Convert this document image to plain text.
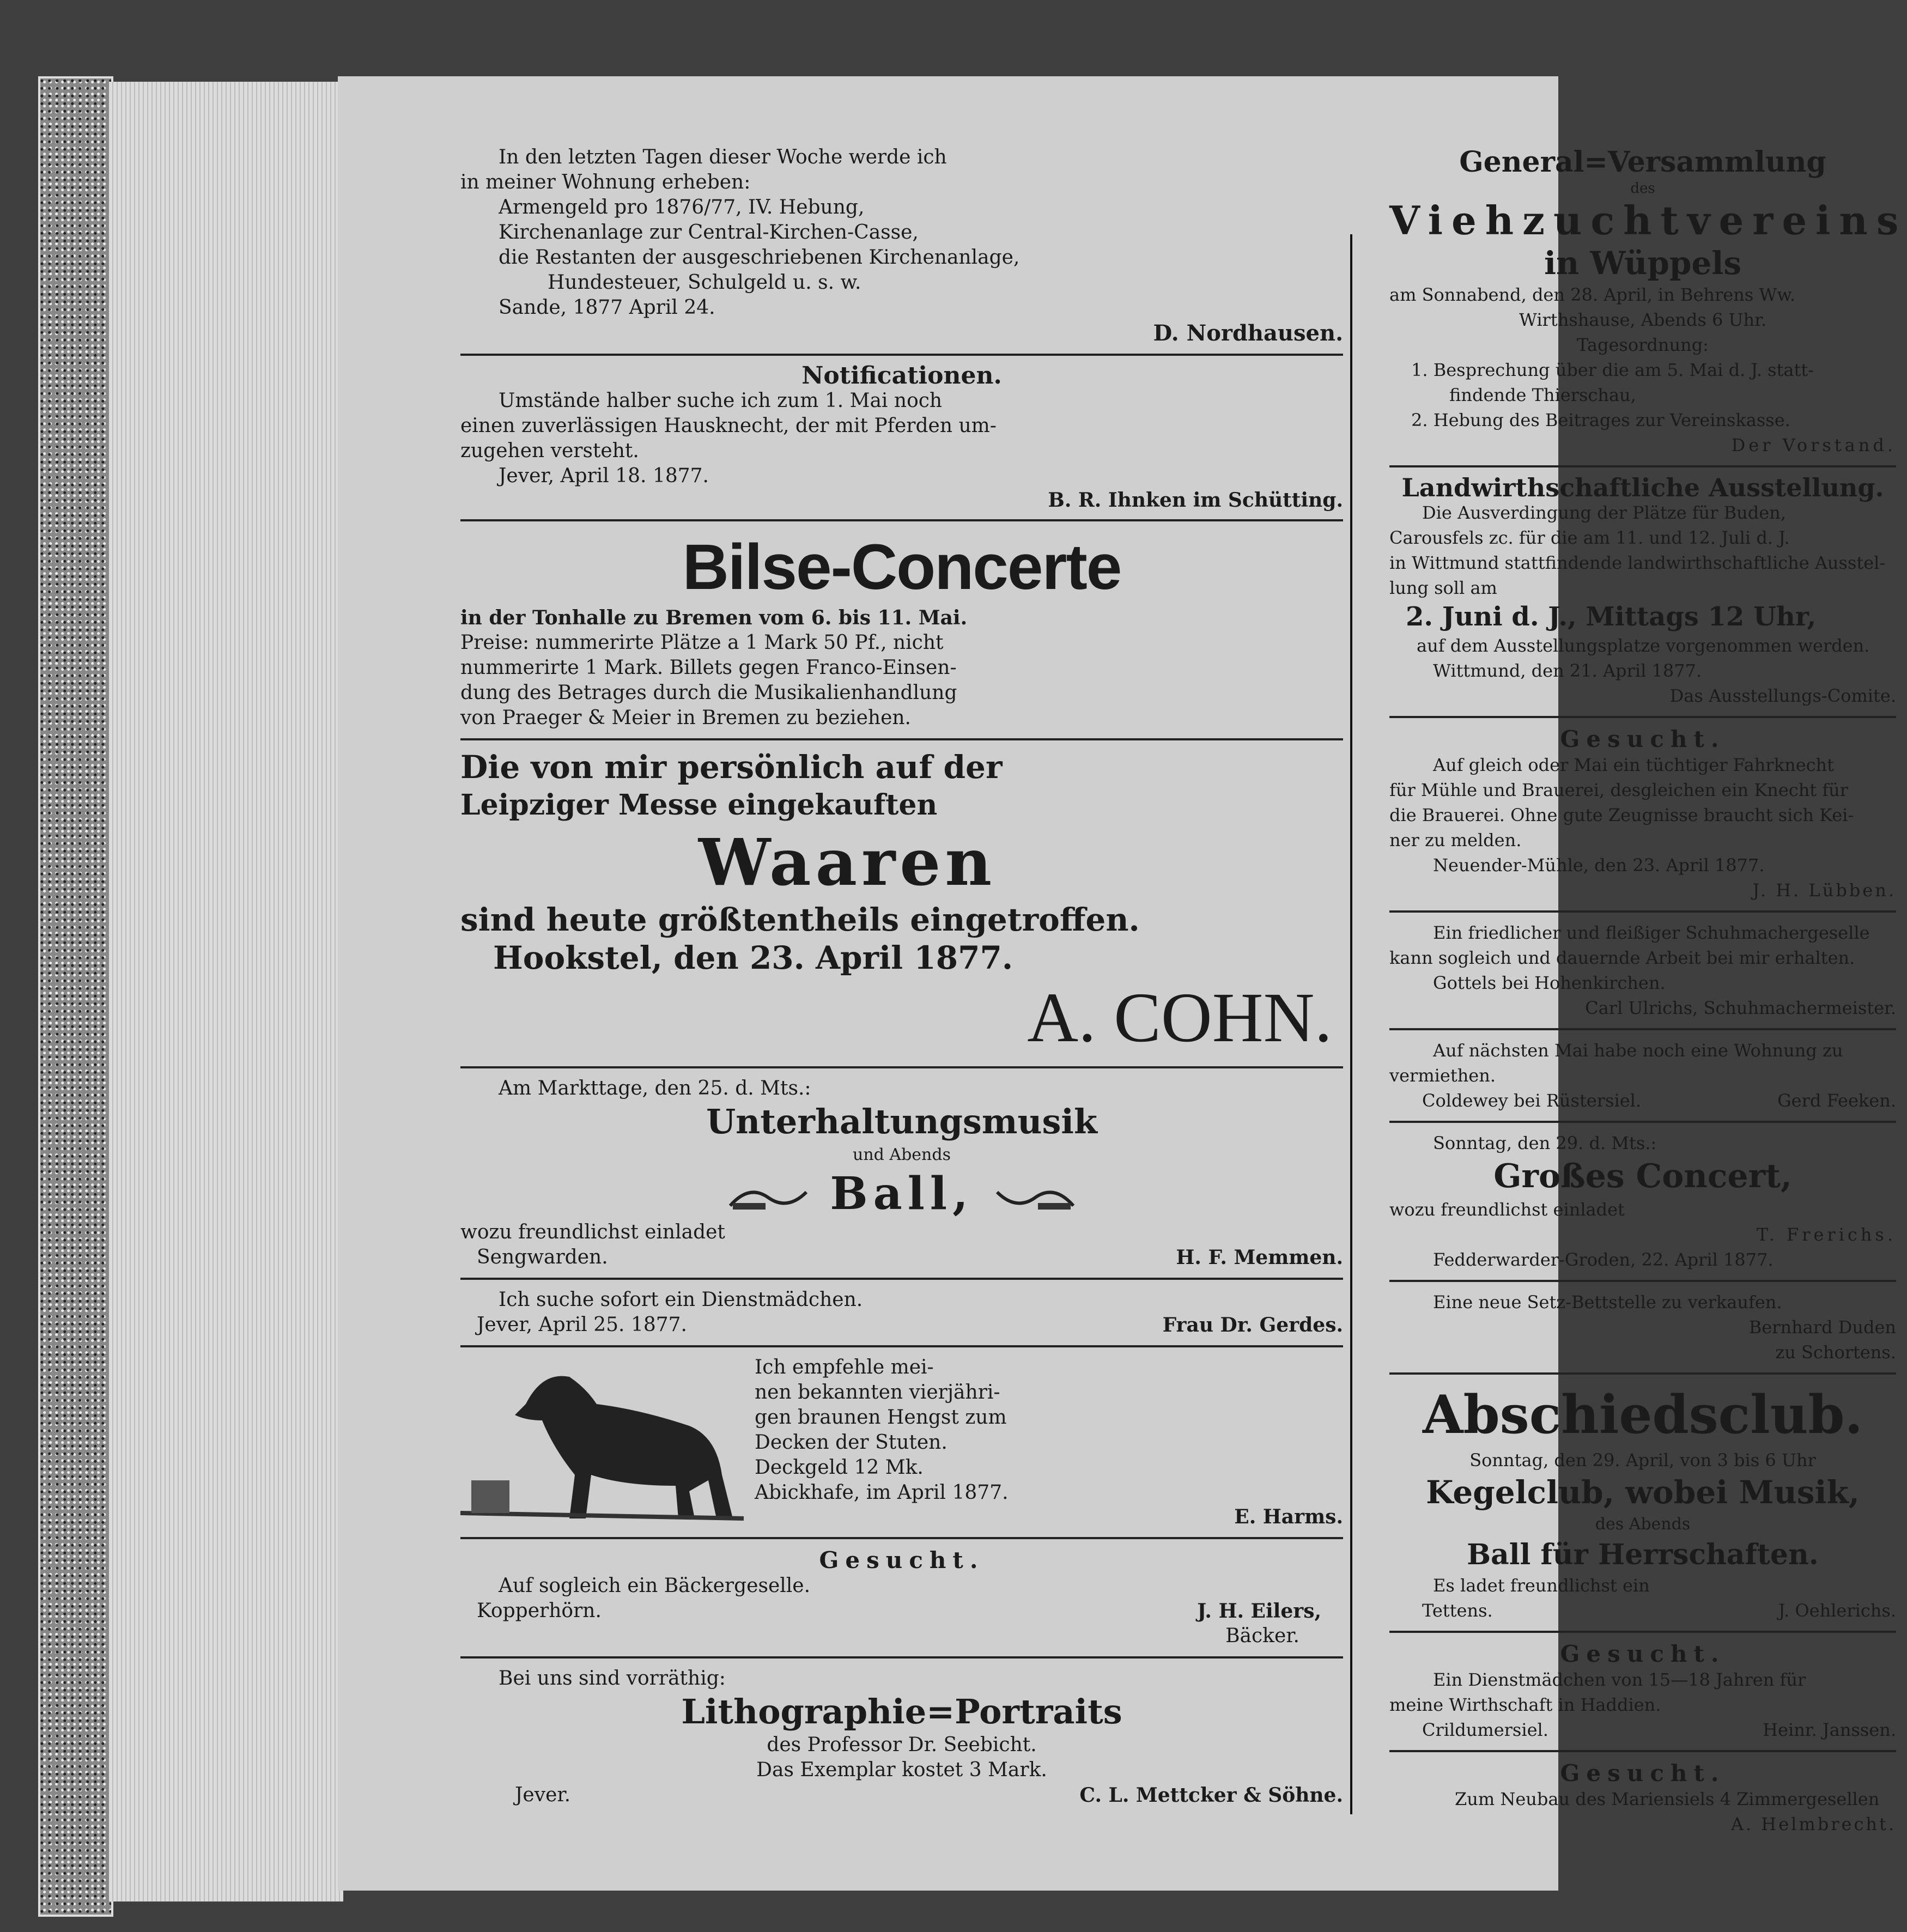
In den letzten Tagen dieser Woche werde ich
in meiner Wohnung erheben:
Armengeld pro 1876/77, IV. Hebung,
Kirchenanlage zur Central-Kirchen-Casse,
die Restanten der ausgeschriebenen Kirchenanlage,
Hundesteuer, Schulgeld u. s. w.
Sande, 1877 April 24.
D. Nordhausen.
Notificationen.
Umstände halber suche ich zum 1. Mai noch
einen zuverlässigen Hausknecht, der mit Pferden um-
zugehen versteht.
Jever, April 18. 1877.
B. R. Ihnken im Schütting.
Bilse-Concerte
in der Tonhalle zu Bremen vom 6. bis 11. Mai.
Preise: nummerirte Plätze a 1 Mark 50 Pf., nicht
nummerirte 1 Mark. Billets gegen Franco-Einsen-
dung des Betrages durch die Musikalienhandlung
von Praeger & Meier in Bremen zu beziehen.
Die von mir persönlich auf der
Leipziger Messe eingekauften
Waaren
sind heute größtentheils eingetroffen.
Hookstel, den 23. April 1877.
A. COHN.
Am Markttage, den 25. d. Mts.:
Unterhaltungsmusik
und Abends
Ball,
wozu freundlichst einladet
Sengwarden.	H. F. Memmen.
Ich suche sofort ein Dienstmädchen.
Jever, April 25. 1877.	Frau Dr. Gerdes.
Ich empfehle mei-
nen bekannten vierjähri-
gen braunen Hengst zum
Decken der Stuten.
Deckgeld 12 Mk.
Abickhafe, im April 1877.
E. Harms.
Gesucht.
Auf sogleich ein Bäckergeselle.
Kopperhörn.	J. H. Eilers,
Bäcker.
Bei uns sind vorräthig:
Lithographie=Portraits
des Professor Dr. Seebicht.
Das Exemplar kostet 3 Mark.
Jever.	C. L. Mettcker & Söhne.
General=Versammlung
des
Viehzuchtvereins
in Wüppels
am Sonnabend, den 28. April, in Behrens Ww.
Wirthshause, Abends 6 Uhr.
Tagesordnung:
1. Besprechung über die am 5. Mai d. J. statt-
findende Thierschau,
2. Hebung des Beitrages zur Vereinskasse.
Der Vorstand.
Landwirthschaftliche Ausstellung.
Die Ausverdingung der Plätze für Buden,
Carousfels zc. für die am 11. und 12. Juli d. J.
in Wittmund stattfindende landwirthschaftliche Ausstel-
lung soll am
2. Juni d. J., Mittags 12 Uhr,
auf dem Ausstellungsplatze vorgenommen werden.
Wittmund, den 21. April 1877.
Das Ausstellungs-Comite.
Gesucht.
Auf gleich oder Mai ein tüchtiger Fahrknecht
für Mühle und Brauerei, desgleichen ein Knecht für
die Brauerei. Ohne gute Zeugnisse braucht sich Kei-
ner zu melden.
Neuender-Mühle, den 23. April 1877.
J. H. Lübben.
Ein friedlicher und fleißiger Schuhmachergeselle
kann sogleich und dauernde Arbeit bei mir erhalten.
Gottels bei Hohenkirchen.
Carl Ulrichs, Schuhmachermeister.
Auf nächsten Mai habe noch eine Wohnung zu
vermiethen.
Coldewey bei Rüstersiel.	Gerd Feeken.
Sonntag, den 29. d. Mts.:
Großes Concert,
wozu freundlichst einladet
T. Frerichs.
Fedderwarder-Groden, 22. April 1877.
Eine neue Setz-Bettstelle zu verkaufen.
Bernhard Duden
zu Schortens.
Abschiedsclub.
Sonntag, den 29. April, von 3 bis 6 Uhr
Kegelclub, wobei Musik,
des Abends
Ball für Herrschaften.
Es ladet freundlichst ein
Tettens.	J. Oehlerichs.
Gesucht.
Ein Dienstmädchen von 15—18 Jahren für
meine Wirthschaft in Haddien.
Crildumersiel.	Heinr. Janssen.
Gesucht.
Zum Neubau des Mariensiels 4 Zimmergesellen
A. Helmbrecht.
